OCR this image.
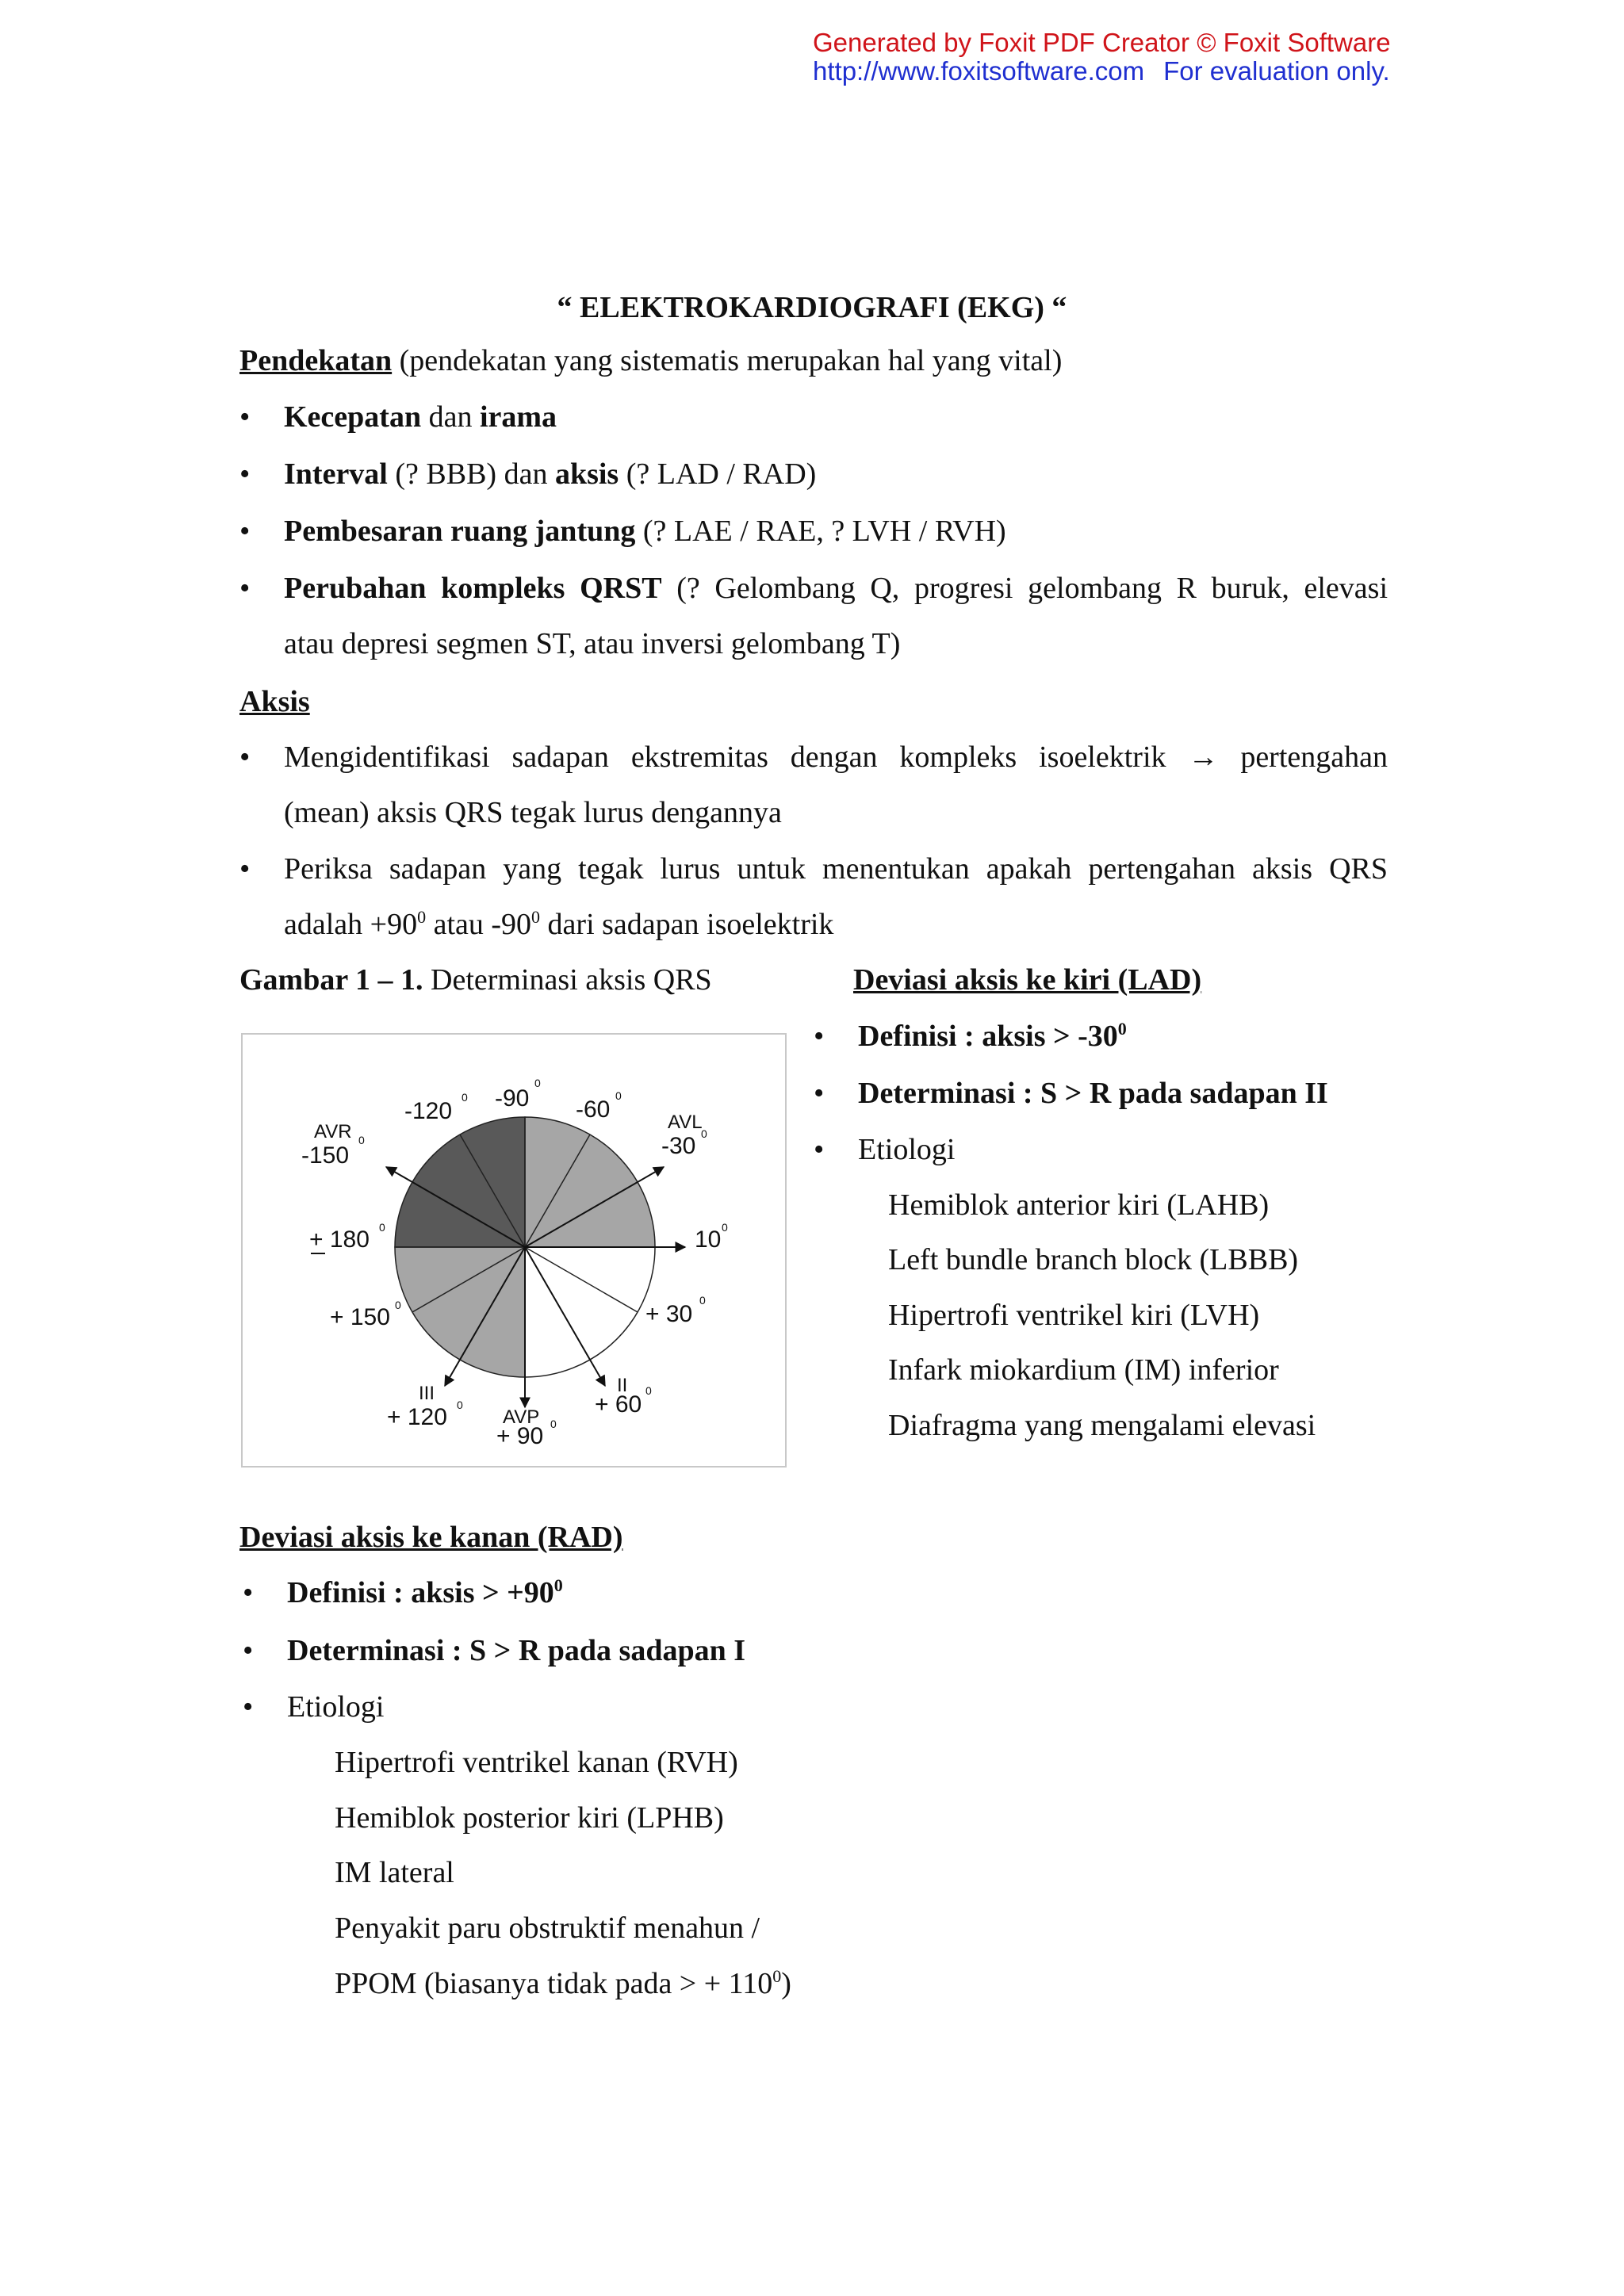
Generated by Foxit PDF Creator © Foxit Software
http://www.foxitsoftware.com For evaluation only.
“ ELEKTROKARDIOGRAFI (EKG) “
Pendekatan (pendekatan yang sistematis merupakan hal yang vital)
• Kecepatan dan irama
• Interval (? BBB) dan aksis (? LAD / RAD)
• Pembesaran ruang jantung (? LAE / RAE, ? LVH / RVH)
• Perubahan kompleks QRST (? Gelombang Q, progresi gelombang R buruk, elevasi
atau depresi segmen ST, atau inversi gelombang T)
Aksis
• Mengidentifikasi sadapan ekstremitas dengan kompleks isoelektrik → pertengahan
(mean) aksis QRS tegak lurus dengannya
• Periksa sadapan yang tegak lurus untuk menentukan apakah pertengahan aksis QRS
adalah $+90^0$ atau $-90^0$ dari sadapan isoelektrik
Gambar 1 – 1. Determinasi aksis QRS
-120
0 -90
0
-60
0
AVR 0
-150
AVL
-30 0
+ 180 0	10 0
+ 150 0	+ 30
0
III
+ 120 0
AVP 0
+ 90
II
+ 60
0
Deviasi aksis ke kiri (LAD)
• Definisi : aksis > $-30^0$
• Determinasi : S > R pada sadapan II
• Etiologi
Hemiblok anterior kiri (LAHB)
Left bundle branch block (LBBB)
Hipertrofi ventrikel kiri (LVH)
Infark miokardium (IM) inferior
Diafragma yang mengalami elevasi
Deviasi aksis ke kanan (RAD)
• Definisi : aksis > $+90^0$
• Determinasi : S > R pada sadapan I
• Etiologi
Hipertrofi ventrikel kanan (RVH)
Hemiblok posterior kiri (LPHB)
IM lateral
Penyakit paru obstruktif menahun /
PPOM (biasanya tidak pada > + $110^0$)
